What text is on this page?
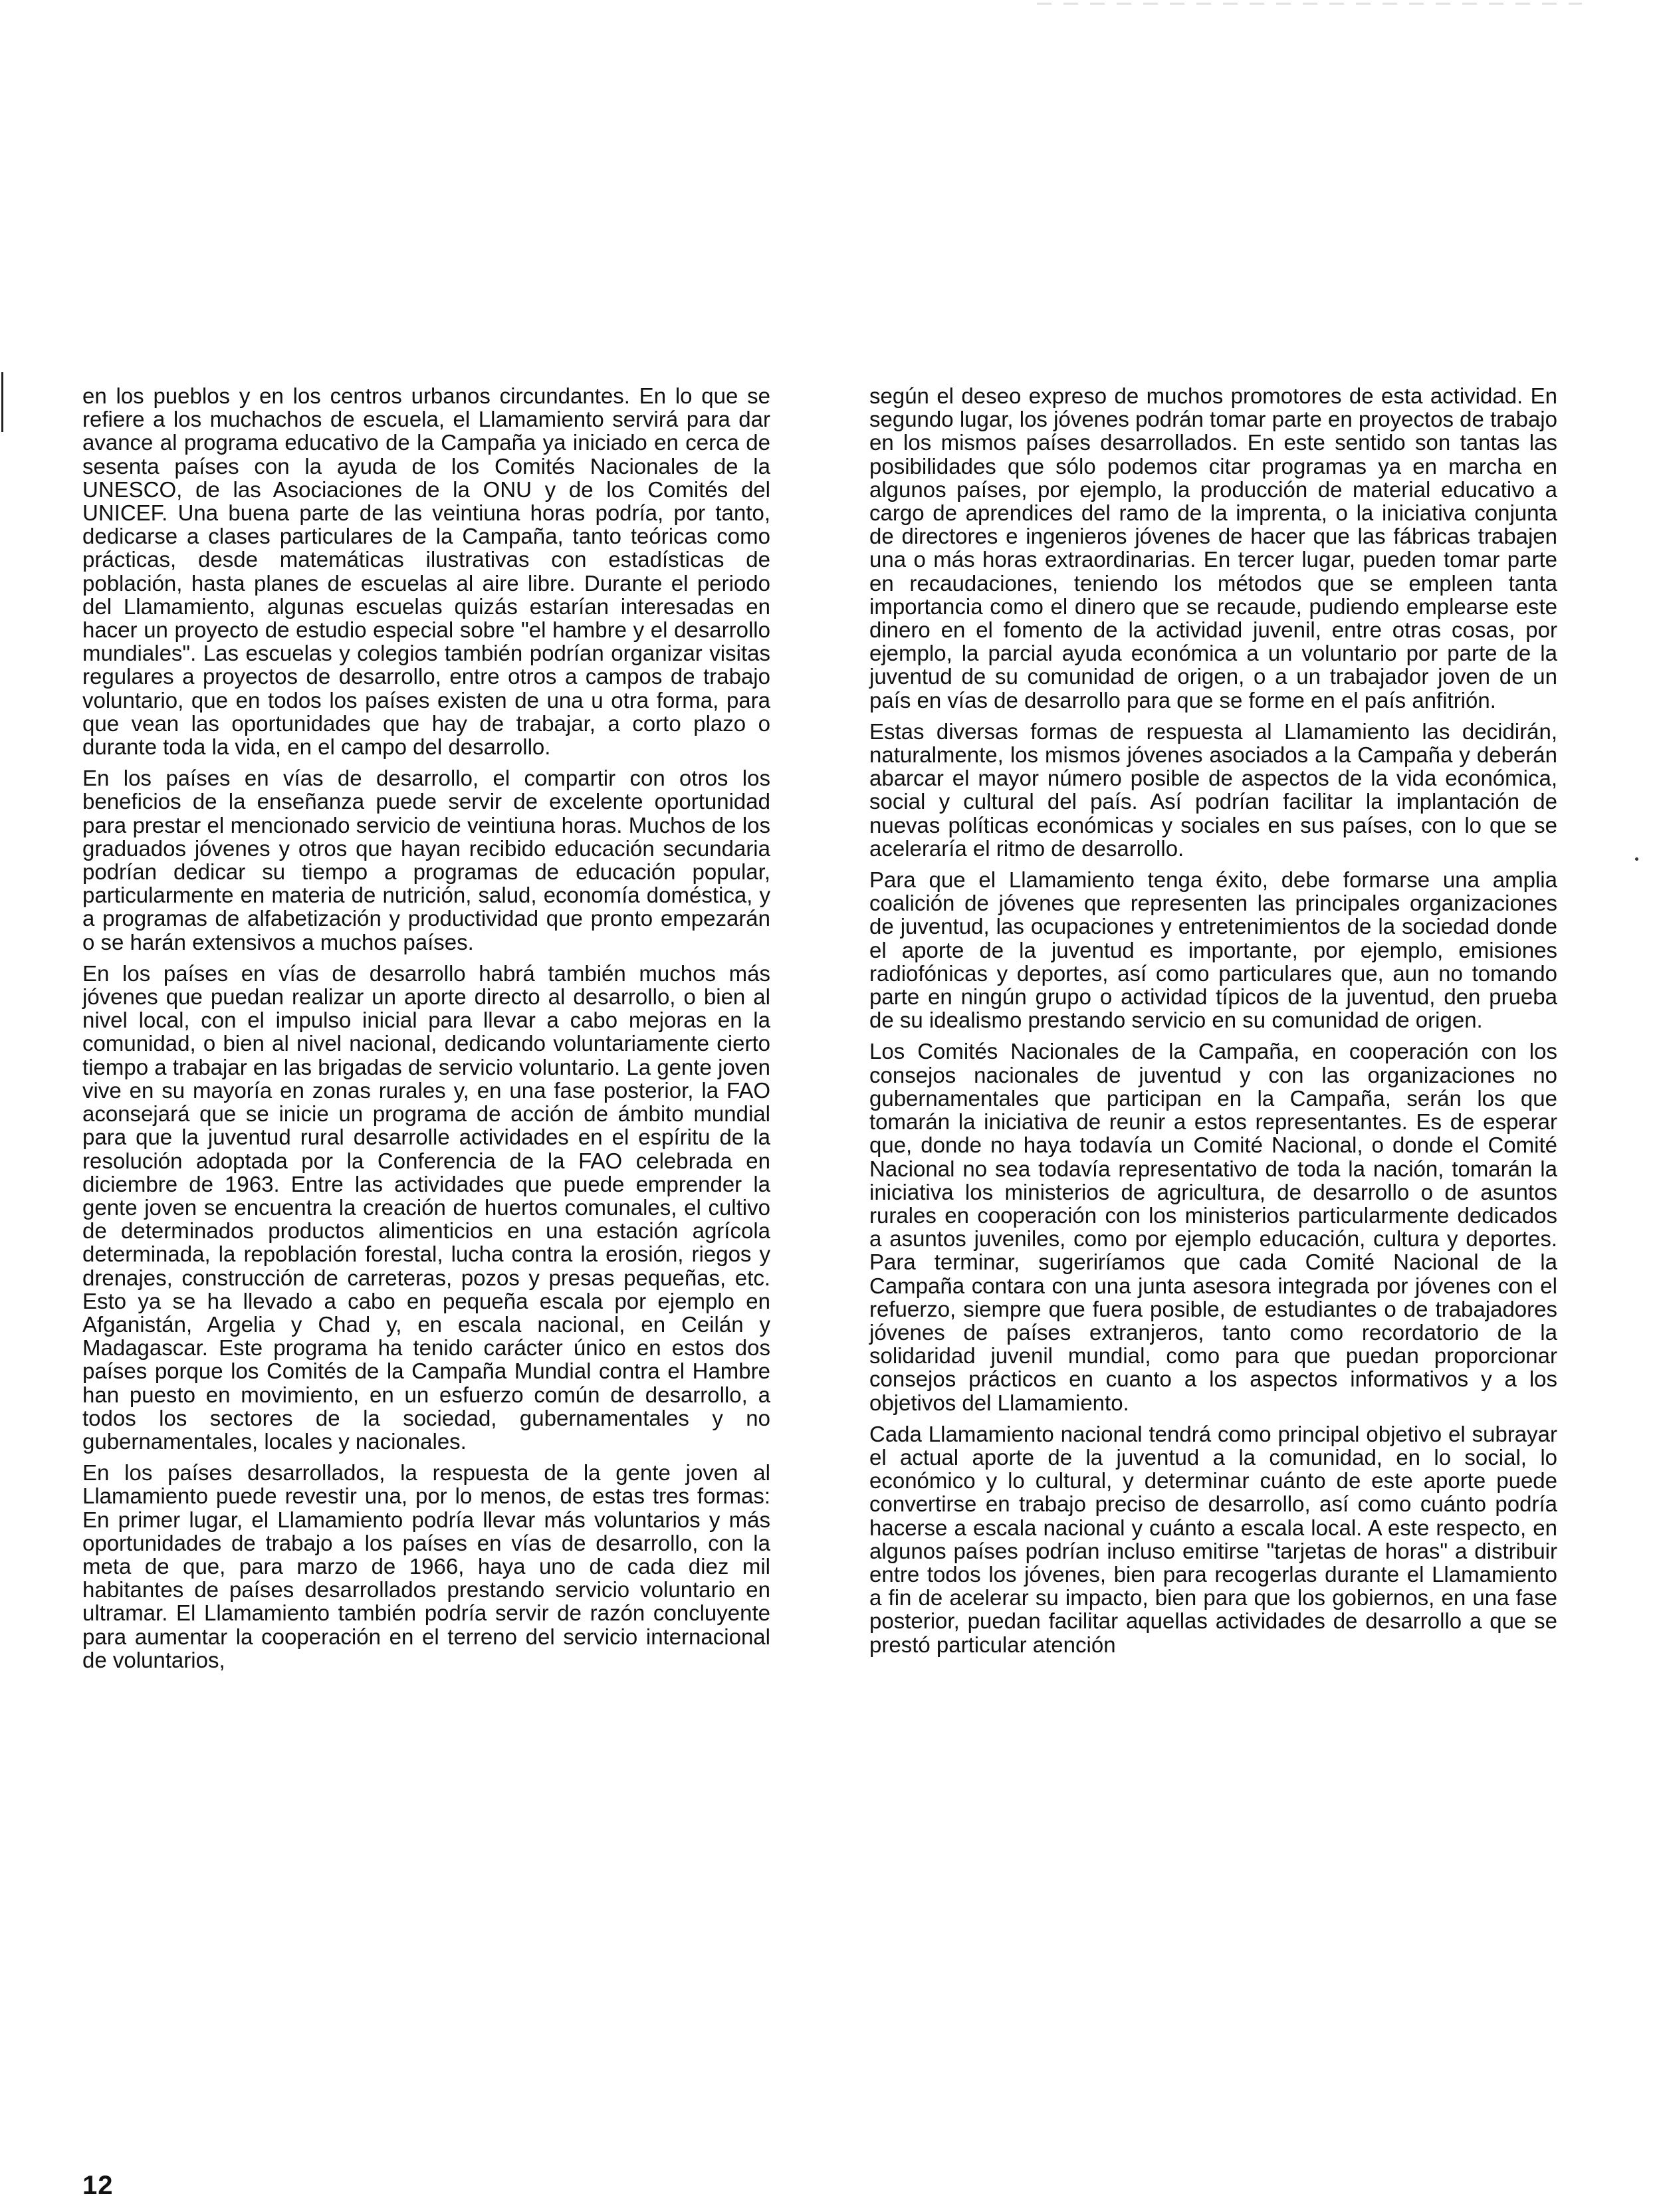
en los pueblos y en los centros urbanos circundantes. En lo que se refiere a los muchachos de escuela, el Llamamiento servirá para dar avance al programa educativo de la Campaña ya iniciado en cerca de sesenta países con la ayuda de los Comités Nacionales de la UNESCO, de las Asociaciones de la ONU y de los Comités del UNICEF. Una buena parte de las veintiuna horas podría, por tanto, dedicarse a clases particulares de la Campaña, tanto teóricas como prácticas, desde matemáticas ilustrativas con estadísticas de población, hasta planes de escuelas al aire libre. Durante el periodo del Llamamiento, algunas escuelas quizás estarían interesadas en hacer un proyecto de estudio especial sobre "el hambre y el desarrollo mundiales". Las escuelas y colegios también podrían organizar visitas regulares a proyectos de desarrollo, entre otros a campos de trabajo voluntario, que en todos los países existen de una u otra forma, para que vean las oportunidades que hay de trabajar, a corto plazo o durante toda la vida, en el campo del desarrollo.

En los países en vías de desarrollo, el compartir con otros los beneficios de la enseñanza puede servir de excelente oportunidad para prestar el mencionado servicio de veintiuna horas. Muchos de los graduados jóvenes y otros que hayan recibido educación secundaria podrían dedicar su tiempo a programas de educación popular, particularmente en materia de nutrición, salud, economía doméstica, y a programas de alfabetización y productividad que pronto empezarán o se harán extensivos a muchos países.

En los países en vías de desarrollo habrá también muchos más jóvenes que puedan realizar un aporte directo al desarrollo, o bien al nivel local, con el impulso inicial para llevar a cabo mejoras en la comunidad, o bien al nivel nacional, dedicando voluntariamente cierto tiempo a trabajar en las brigadas de servicio voluntario. La gente joven vive en su mayoría en zonas rurales y, en una fase posterior, la FAO aconsejará que se inicie un programa de acción de ámbito mundial para que la juventud rural desarrolle actividades en el espíritu de la resolución adoptada por la Conferencia de la FAO celebrada en diciembre de 1963. Entre las actividades que puede emprender la gente joven se encuentra la creación de huertos comunales, el cultivo de determinados productos alimenticios en una estación agrícola determinada, la repoblación forestal, lucha contra la erosión, riegos y drenajes, construcción de carreteras, pozos y presas pequeñas, etc. Esto ya se ha llevado a cabo en pequeña escala por ejemplo en Afganistán, Argelia y Chad y, en escala nacional, en Ceilán y Madagascar. Este programa ha tenido carácter único en estos dos países porque los Comités de la Campaña Mundial contra el Hambre han puesto en movimiento, en un esfuerzo común de desarrollo, a todos los sectores de la sociedad, gubernamentales y no gubernamentales, locales y nacionales.

En los países desarrollados, la respuesta de la gente joven al Llamamiento puede revestir una, por lo menos, de estas tres formas: En primer lugar, el Llamamiento podría llevar más voluntarios y más oportunidades de trabajo a los países en vías de desarrollo, con la meta de que, para marzo de 1966, haya uno de cada diez mil habitantes de países desarrollados prestando servicio voluntario en ultramar. El Llamamiento también podría servir de razón concluyente para aumentar la cooperación en el terreno del servicio internacional de voluntarios,

según el deseo expreso de muchos promotores de esta actividad. En segundo lugar, los jóvenes podrán tomar parte en proyectos de trabajo en los mismos países desarrollados. En este sentido son tantas las posibilidades que sólo podemos citar programas ya en marcha en algunos países, por ejemplo, la producción de material educativo a cargo de aprendices del ramo de la imprenta, o la iniciativa conjunta de directores e ingenieros jóvenes de hacer que las fábricas trabajen una o más horas extraordinarias. En tercer lugar, pueden tomar parte en recaudaciones, teniendo los métodos que se empleen tanta importancia como el dinero que se recaude, pudiendo emplearse este dinero en el fomento de la actividad juvenil, entre otras cosas, por ejemplo, la parcial ayuda económica a un voluntario por parte de la juventud de su comunidad de origen, o a un trabajador joven de un país en vías de desarrollo para que se forme en el país anfitrión.

Estas diversas formas de respuesta al Llamamiento las decidirán, naturalmente, los mismos jóvenes asociados a la Campaña y deberán abarcar el mayor número posible de aspectos de la vida económica, social y cultural del país. Así podrían facilitar la implantación de nuevas políticas económicas y sociales en sus países, con lo que se aceleraría el ritmo de desarrollo.

Para que el Llamamiento tenga éxito, debe formarse una amplia coalición de jóvenes que representen las principales organizaciones de juventud, las ocupaciones y entretenimientos de la sociedad donde el aporte de la juventud es importante, por ejemplo, emisiones radiofónicas y deportes, así como particulares que, aun no tomando parte en ningún grupo o actividad típicos de la juventud, den prueba de su idealismo prestando servicio en su comunidad de origen.

Los Comités Nacionales de la Campaña, en cooperación con los consejos nacionales de juventud y con las organizaciones no gubernamentales que participan en la Campaña, serán los que tomarán la iniciativa de reunir a estos representantes. Es de esperar que, donde no haya todavía un Comité Nacional, o donde el Comité Nacional no sea todavía representativo de toda la nación, tomarán la iniciativa los ministerios de agricultura, de desarrollo o de asuntos rurales en cooperación con los ministerios particularmente dedicados a asuntos juveniles, como por ejemplo educación, cultura y deportes. Para terminar, sugeriríamos que cada Comité Nacional de la Campaña contara con una junta asesora integrada por jóvenes con el refuerzo, siempre que fuera posible, de estudiantes o de trabajadores jóvenes de países extranjeros, tanto como recordatorio de la solidaridad juvenil mundial, como para que puedan proporcionar consejos prácticos en cuanto a los aspectos informativos y a los objetivos del Llamamiento.

Cada Llamamiento nacional tendrá como principal objetivo el subrayar el actual aporte de la juventud a la comunidad, en lo social, lo económico y lo cultural, y determinar cuánto de este aporte puede convertirse en trabajo preciso de desarrollo, así como cuánto podría hacerse a escala nacional y cuánto a escala local. A este respecto, en algunos países podrían incluso emitirse "tarjetas de horas" a distribuir entre todos los jóvenes, bien para recogerlas durante el Llamamiento a fin de acelerar su impacto, bien para que los gobiernos, en una fase posterior, puedan facilitar aquellas actividades de desarrollo a que se prestó particular atención

12
